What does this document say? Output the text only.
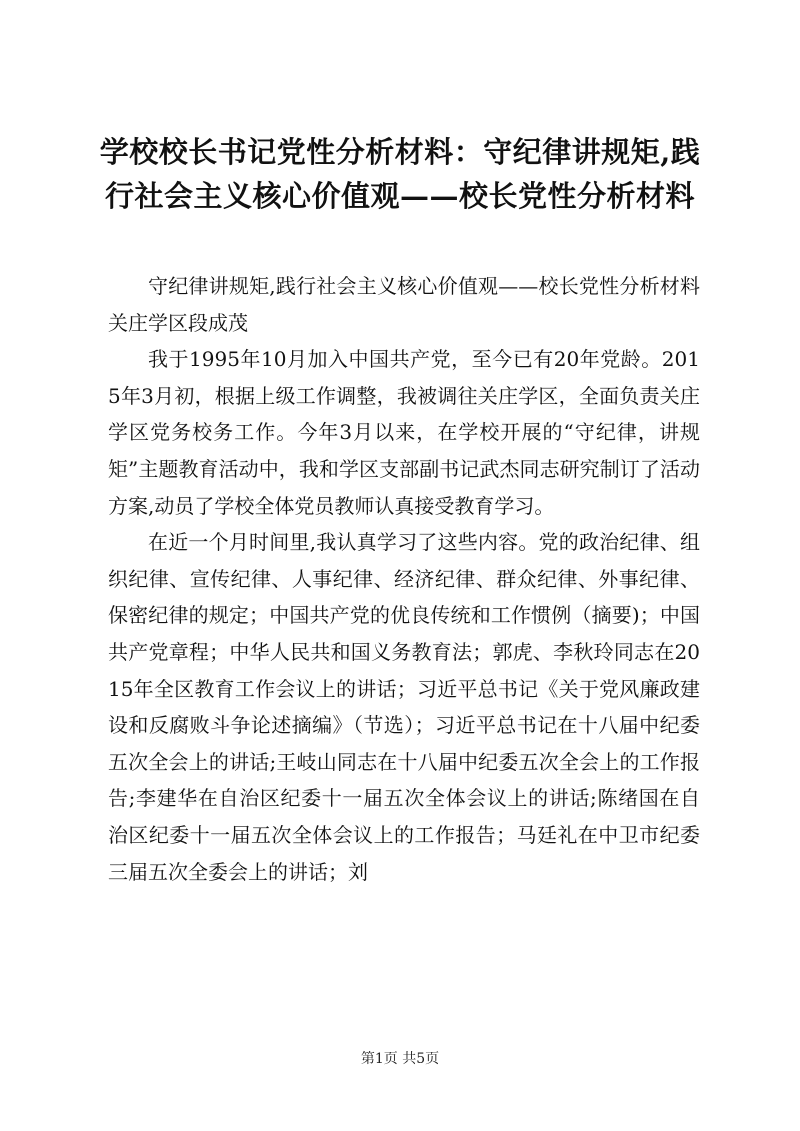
学校校长书记党性分析材料：守纪律讲规矩,践行社会主义核心价值观——校长党性分析材料

守纪律讲规矩,践行社会主义核心价值观——校长党性分析材料关庄学区段成茂

我于1995年10月加入中国共产党，至今已有20年党龄。2015年3月初，根据上级工作调整，我被调往关庄学区，全面负责关庄学区党务校务工作。今年3月以来，在学校开展的“守纪律，讲规矩”主题教育活动中，我和学区支部副书记武杰同志研究制订了活动方案,动员了学校全体党员教师认真接受教育学习。

在近一个月时间里,我认真学习了这些内容。党的政治纪律、组织纪律、宣传纪律、人事纪律、经济纪律、群众纪律、外事纪律、保密纪律的规定；中国共产党的优良传统和工作惯例（摘要)；中国共产党章程；中华人民共和国义务教育法；郭虎、李秋玲同志在2015年全区教育工作会议上的讲话；习近平总书记《关于党风廉政建设和反腐败斗争论述摘编》（节选）；习近平总书记在十八届中纪委五次全会上的讲话;王岐山同志在十八届中纪委五次全会上的工作报告;李建华在自治区纪委十一届五次全体会议上的讲话;陈绪国在自治区纪委十一届五次全体会议上的工作报告；马廷礼在中卫市纪委三届五次全委会上的讲话；刘

第1页 共5页
